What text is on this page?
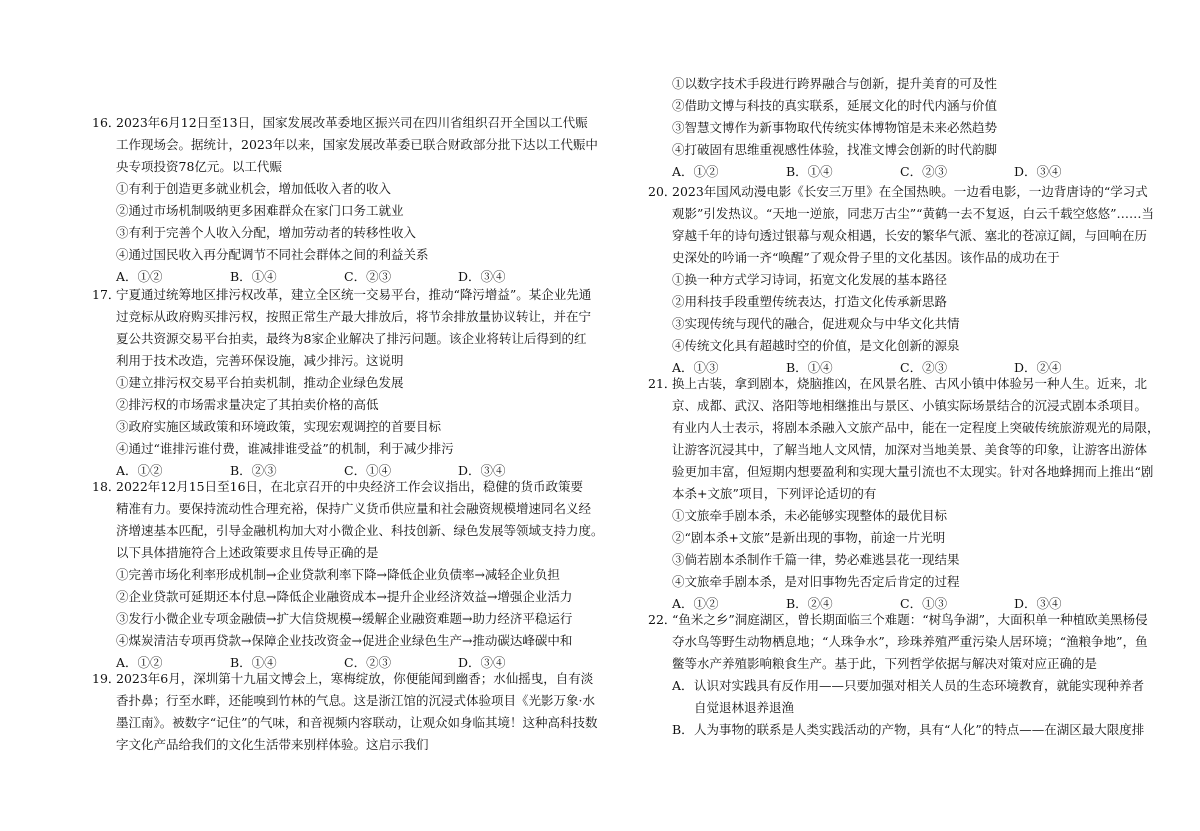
16．
2023年6月12日至13日，国家发展改革委地区振兴司在四川省组织召开全国以工代赈
工作现场会。据统计，2023年以来，国家发展改革委已联合财政部分批下达以工代赈中
央专项投资78亿元。以工代赈
①有利于创造更多就业机会，增加低收入者的收入
②通过市场机制吸纳更多困难群众在家门口务工就业
③有利于完善个人收入分配，增加劳动者的转移性收入
④通过国民收入再分配调节不同社会群体之间的利益关系
A．①②	B．①④	C．②③	D．③④
17．
宁夏通过统筹地区排污权改革，建立全区统一交易平台，推动“降污增益”。某企业先通
过竞标从政府购买排污权，按照正常生产最大排放后，将节余排放量协议转让，并在宁
夏公共资源交易平台拍卖，最终为8家企业解决了排污问题。该企业将转让后得到的红
利用于技术改造，完善环保设施，减少排污。这说明
①建立排污权交易平台拍卖机制，推动企业绿色发展
②排污权的市场需求量决定了其拍卖价格的高低
③政府实施区域政策和环境政策，实现宏观调控的首要目标
④通过“谁排污谁付费，谁减排谁受益”的机制，利于减少排污
A．①②	B．②③	C．①④	D．③④
18．
2022年12月15日至16日，在北京召开的中央经济工作会议指出，稳健的货币政策要
精准有力。要保持流动性合理充裕，保持广义货币供应量和社会融资规模增速同名义经
济增速基本匹配，引导金融机构加大对小微企业、科技创新、绿色发展等领域支持力度。
以下具体措施符合上述政策要求且传导正确的是
①完善市场化利率形成机制→企业贷款利率下降→降低企业负债率→减轻企业负担
②企业贷款可延期还本付息→降低企业融资成本→提升企业经济效益→增强企业活力
③发行小微企业专项金融债→扩大信贷规模→缓解企业融资难题→助力经济平稳运行
④煤炭清洁专项再贷款→保障企业技改资金→促进企业绿色生产→推动碳达峰碳中和
A．①②	B．①④	C．②③	D．③④
19．
2023年6月，深圳第十九届文博会上，寒梅绽放，你便能闻到幽香；水仙摇曳，自有淡
香扑鼻；行至水畔，还能嗅到竹林的气息。这是浙江馆的沉浸式体验项目《光影万象·水
墨江南》。被数字“记住”的气味，和音视频内容联动，让观众如身临其境！这种高科技数
字文化产品给我们的文化生活带来别样体验。这启示我们
①以数字技术手段进行跨界融合与创新，提升美育的可及性
②借助文博与科技的真实联系，延展文化的时代内涵与价值
③智慧文博作为新事物取代传统实体博物馆是未来必然趋势
④打破固有思维重视感性体验，找准文博会创新的时代韵脚
A．①②	B．①④	C．②③	D．③④
20．
2023年国风动漫电影《长安三万里》在全国热映。一边看电影，一边背唐诗的“学习式
观影”引发热议。“天地一逆旅，同悲万古尘”“黄鹤一去不复返，白云千载空悠悠”……当
穿越千年的诗句透过银幕与观众相遇，长安的繁华气派、塞北的苍凉辽阔，与回响在历
史深处的吟诵一齐“唤醒”了观众骨子里的文化基因。该作品的成功在于
①换一种方式学习诗词，拓宽文化发展的基本路径
②用科技手段重塑传统表达，打造文化传承新思路
③实现传统与现代的融合，促进观众与中华文化共情
④传统文化具有超越时空的价值，是文化创新的源泉
A．①③	B．①④	C．②③	D．②④
21．
换上古装，拿到剧本，烧脑推凶，在风景名胜、古风小镇中体验另一种人生。近来，北
京、成都、武汉、洛阳等地相继推出与景区、小镇实际场景结合的沉浸式剧本杀项目。
有业内人士表示，将剧本杀融入文旅产品中，能在一定程度上突破传统旅游观光的局限，
让游客沉浸其中，了解当地人文风情，加深对当地美景、美食等的印象，让游客出游体
验更加丰富，但短期内想要盈利和实现大量引流也不太现实。针对各地蜂拥而上推出“剧
本杀+文旅”项目，下列评论适切的有
①文旅牵手剧本杀，未必能够实现整体的最优目标
②“剧本杀+文旅”是新出现的事物，前途一片光明
③倘若剧本杀制作千篇一律，势必难逃昙花一现结果
④文旅牵手剧本杀，是对旧事物先否定后肯定的过程
A．①②	B．②④	C．①③	D．③④
22．
“鱼米之乡”洞庭湖区，曾长期面临三个难题：“树鸟争湖”，大面积单一种植欧美黑杨侵
夺水鸟等野生动物栖息地；“人珠争水”，珍珠养殖严重污染人居环境；“渔粮争地”，鱼
鳖等水产养殖影响粮食生产。基于此，下列哲学依据与解决对策对应正确的是
A．认识对实践具有反作用——只要加强对相关人员的生态环境教育，就能实现种养者
自觉退林退养退渔
B．人为事物的联系是人类实践活动的产物，具有“人化”的特点——在湖区最大限度排
